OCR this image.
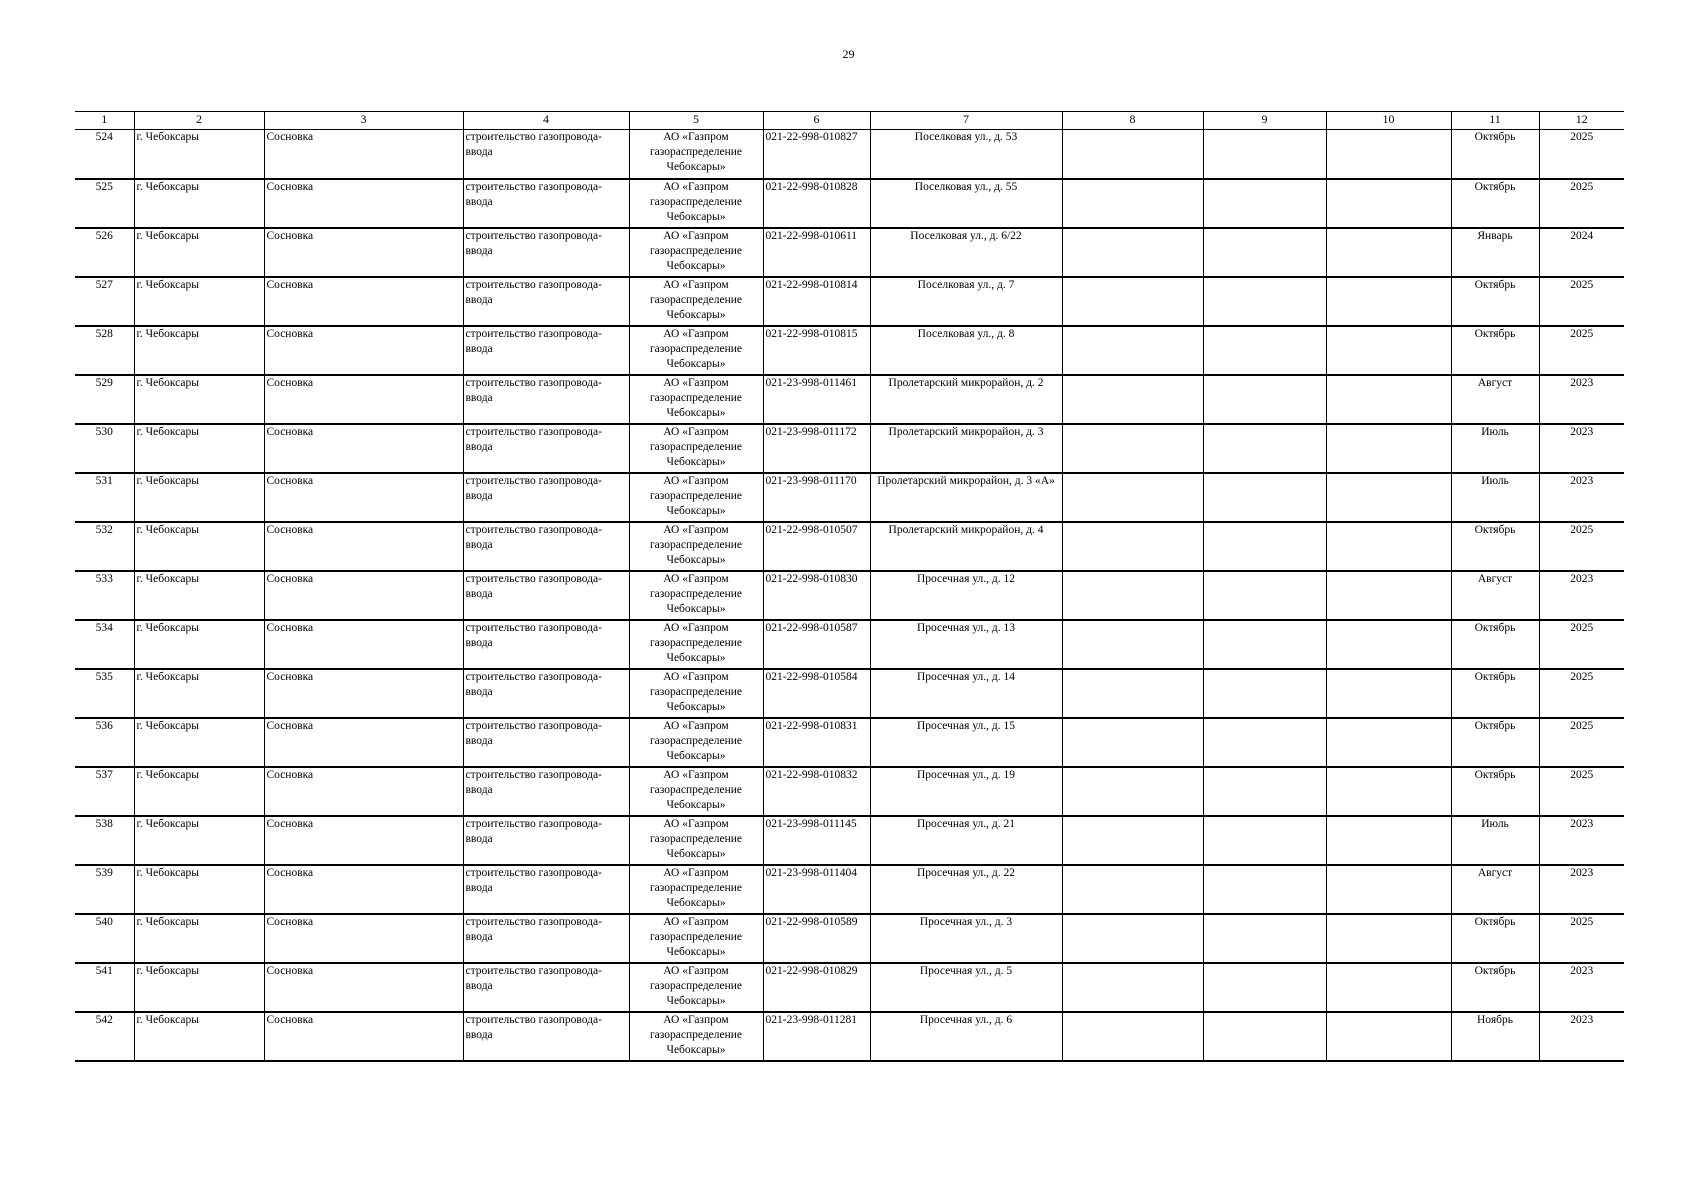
29
1	2	3	4	5	6	7	8	9	10	11	12
524	г. Чебоксары	Сосновка	строительство газопровода-ввода	АО «Газпром газораспределение Чебоксары»	021-22-998-010827	Поселковая ул., д. 53				Октябрь	2025
525	г. Чебоксары	Сосновка	строительство газопровода-ввода	АО «Газпром газораспределение Чебоксары»	021-22-998-010828	Поселковая ул., д. 55				Октябрь	2025
526	г. Чебоксары	Сосновка	строительство газопровода-ввода	АО «Газпром газораспределение Чебоксары»	021-22-998-010611	Поселковая ул., д. 6/22				Январь	2024
527	г. Чебоксары	Сосновка	строительство газопровода-ввода	АО «Газпром газораспределение Чебоксары»	021-22-998-010814	Поселковая ул., д. 7				Октябрь	2025
528	г. Чебоксары	Сосновка	строительство газопровода-ввода	АО «Газпром газораспределение Чебоксары»	021-22-998-010815	Поселковая ул., д. 8				Октябрь	2025
529	г. Чебоксары	Сосновка	строительство газопровода-ввода	АО «Газпром газораспределение Чебоксары»	021-23-998-011461	Пролетарский микрорайон, д. 2				Август	2023
530	г. Чебоксары	Сосновка	строительство газопровода-ввода	АО «Газпром газораспределение Чебоксары»	021-23-998-011172	Пролетарский микрорайон, д. 3				Июль	2023
531	г. Чебоксары	Сосновка	строительство газопровода-ввода	АО «Газпром газораспределение Чебоксары»	021-23-998-011170	Пролетарский микрорайон, д. 3 «А»				Июль	2023
532	г. Чебоксары	Сосновка	строительство газопровода-ввода	АО «Газпром газораспределение Чебоксары»	021-22-998-010507	Пролетарский микрорайон, д. 4				Октябрь	2025
533	г. Чебоксары	Сосновка	строительство газопровода-ввода	АО «Газпром газораспределение Чебоксары»	021-22-998-010830	Просечная ул., д. 12				Август	2023
534	г. Чебоксары	Сосновка	строительство газопровода-ввода	АО «Газпром газораспределение Чебоксары»	021-22-998-010587	Просечная ул., д. 13				Октябрь	2025
535	г. Чебоксары	Сосновка	строительство газопровода-ввода	АО «Газпром газораспределение Чебоксары»	021-22-998-010584	Просечная ул., д. 14				Октябрь	2025
536	г. Чебоксары	Сосновка	строительство газопровода-ввода	АО «Газпром газораспределение Чебоксары»	021-22-998-010831	Просечная ул., д. 15				Октябрь	2025
537	г. Чебоксары	Сосновка	строительство газопровода-ввода	АО «Газпром газораспределение Чебоксары»	021-22-998-010832	Просечная ул., д. 19				Октябрь	2025
538	г. Чебоксары	Сосновка	строительство газопровода-ввода	АО «Газпром газораспределение Чебоксары»	021-23-998-011145	Просечная ул., д. 21				Июль	2023
539	г. Чебоксары	Сосновка	строительство газопровода-ввода	АО «Газпром газораспределение Чебоксары»	021-23-998-011404	Просечная ул., д. 22				Август	2023
540	г. Чебоксары	Сосновка	строительство газопровода-ввода	АО «Газпром газораспределение Чебоксары»	021-22-998-010589	Просечная ул., д. 3				Октябрь	2025
541	г. Чебоксары	Сосновка	строительство газопровода-ввода	АО «Газпром газораспределение Чебоксары»	021-22-998-010829	Просечная ул., д. 5				Октябрь	2023
542	г. Чебоксары	Сосновка	строительство газопровода-ввода	АО «Газпром газораспределение Чебоксары»	021-23-998-011281	Просечная ул., д. 6				Ноябрь	2023
